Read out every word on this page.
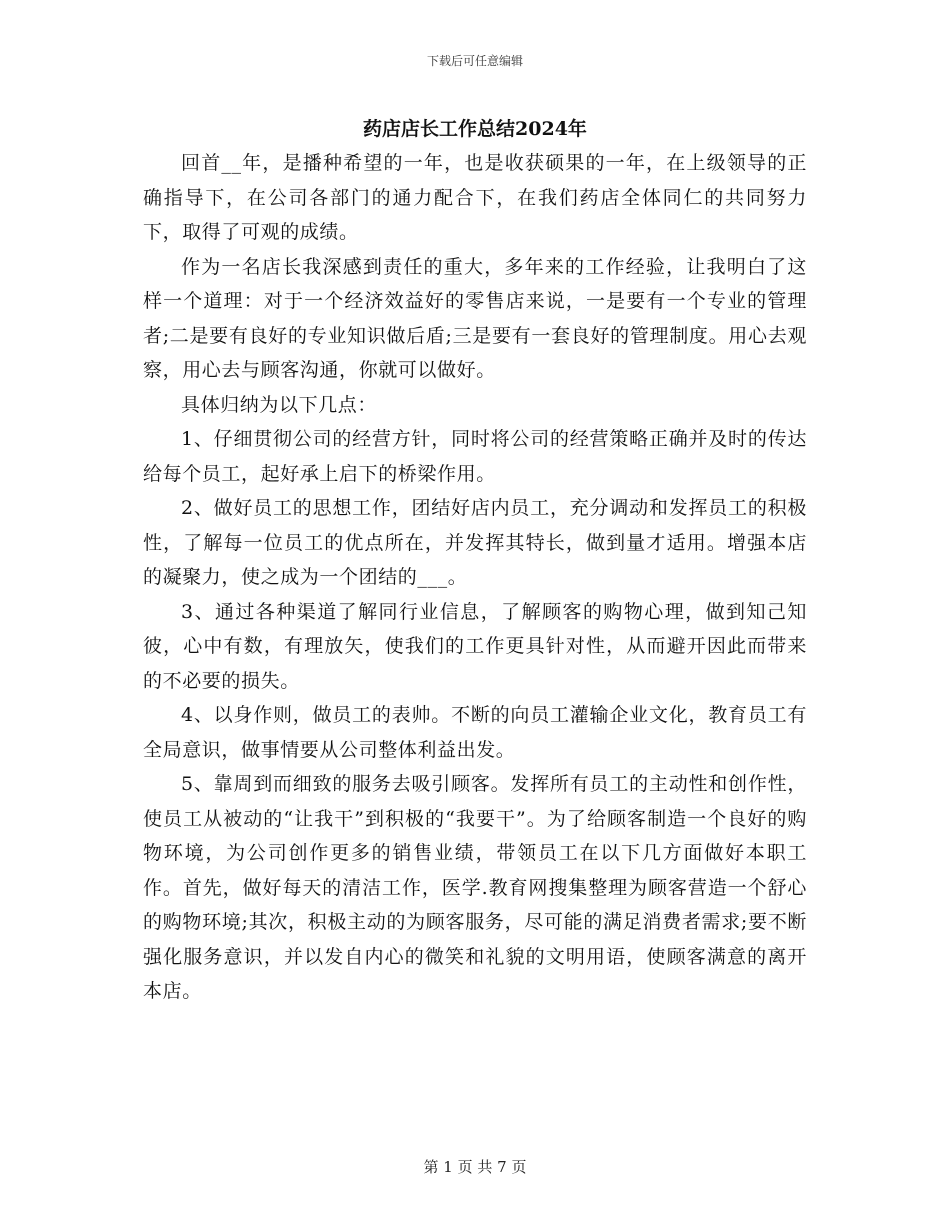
下载后可任意编辑
药店店长工作总结2024年

回首__年，是播种希望的一年，也是收获硕果的一年，在上级领导的正确指导下，在公司各部门的通力配合下，在我们药店全体同仁的共同努力下，取得了可观的成绩。

作为一名店长我深感到责任的重大，多年来的工作经验，让我明白了这样一个道理：对于一个经济效益好的零售店来说，一是要有一个专业的管理者;二是要有良好的专业知识做后盾;三是要有一套良好的管理制度。用心去观察，用心去与顾客沟通，你就可以做好。

具体归纳为以下几点：

1、仔细贯彻公司的经营方针，同时将公司的经营策略正确并及时的传达给每个员工，起好承上启下的桥梁作用。

2、做好员工的思想工作，团结好店内员工，充分调动和发挥员工的积极性，了解每一位员工的优点所在，并发挥其特长，做到量才适用。增强本店的凝聚力，使之成为一个团结的___。

3、通过各种渠道了解同行业信息，了解顾客的购物心理，做到知己知彼，心中有数，有理放矢，使我们的工作更具针对性，从而避开因此而带来的不必要的损失。

4、以身作则，做员工的表帅。不断的向员工灌输企业文化，教育员工有全局意识，做事情要从公司整体利益出发。

5、靠周到而细致的服务去吸引顾客。发挥所有员工的主动性和创作性，使员工从被动的“让我干”到积极的“我要干”。为了给顾客制造一个良好的购物环境，为公司创作更多的销售业绩，带领员工在以下几方面做好本职工作。首先，做好每天的清洁工作，医学.教育网搜集整理为顾客营造一个舒心的购物环境;其次，积极主动的为顾客服务，尽可能的满足消费者需求;要不断强化服务意识，并以发自内心的微笑和礼貌的文明用语，使顾客满意的离开本店。

第 1 页 共 7 页
